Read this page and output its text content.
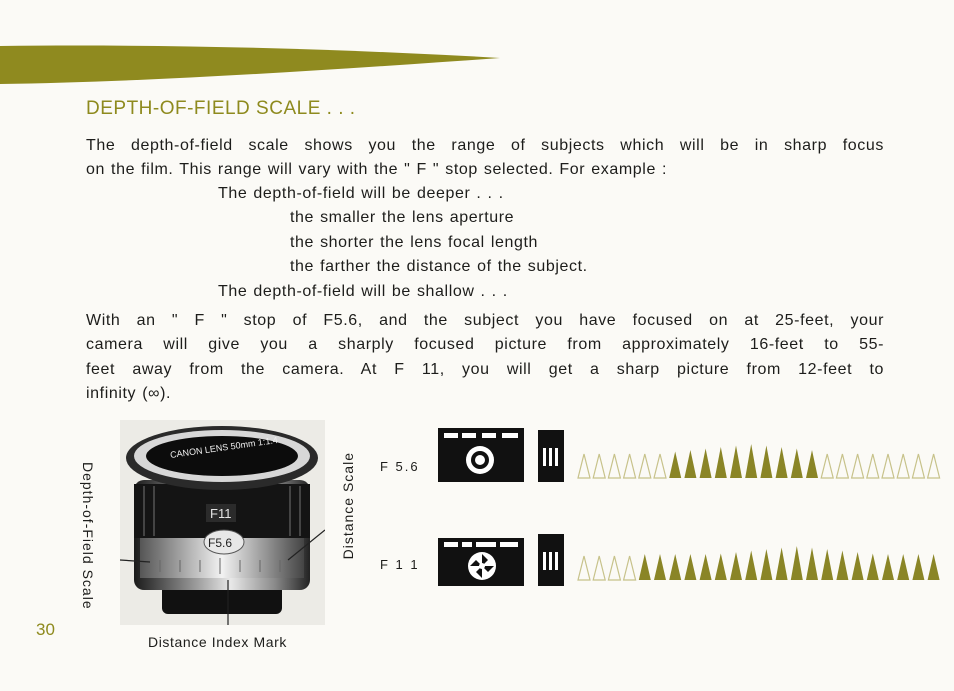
DEPTH-OF-FIELD SCALE . . .
The depth-of-field scale shows you the range of subjects which will be in sharp focus
on the film. This range will vary with the " F " stop selected. For example :
The depth-of-field will be deeper . . .
the smaller the lens aperture
the shorter the lens focal length
the farther the distance of the subject.
The depth-of-field will be shallow . . .
With an " F " stop of F5.6, and the subject you have focused on at 25-feet, your
camera will give you a sharply focused picture from approximately 16-feet to 55-
feet away from the camera. At F 11, you will get a sharp picture from 12-feet to
infinity (∞).
CANON LENS 50mm 1:1.4
F11
F5.6
Depth-of-Field Scale	Distance Scale
30
Distance Index Mark
F 5.6
F 1 1
